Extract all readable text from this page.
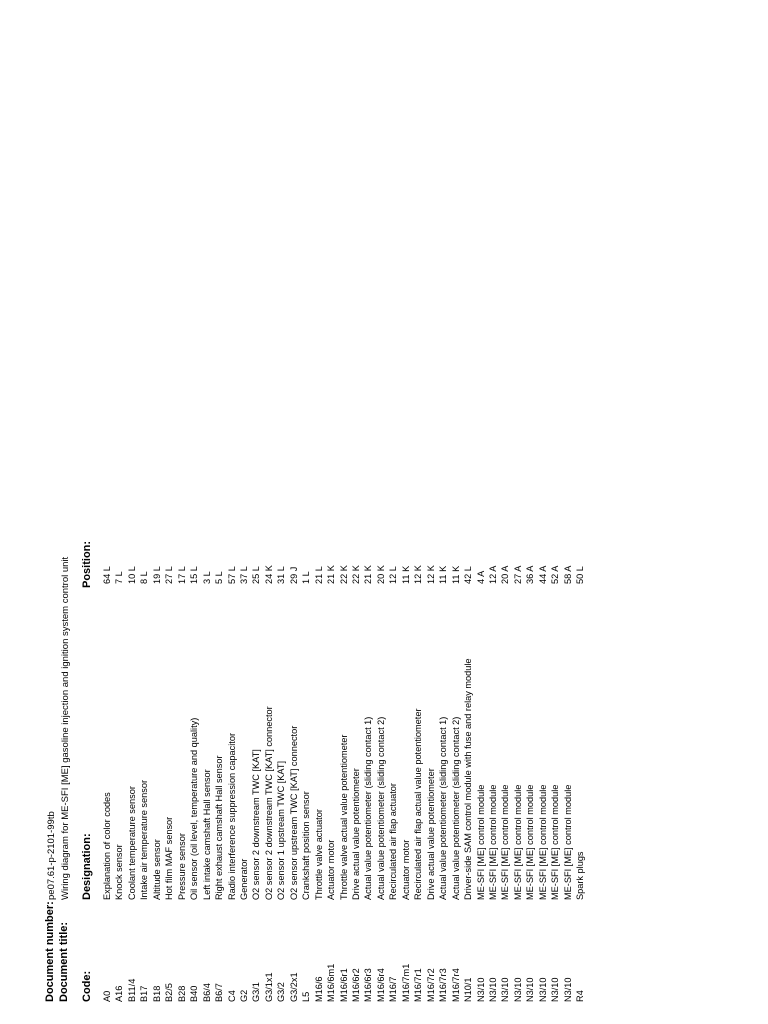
Document number:
pe07.61-p-2101-99tb
Document title:
Wiring diagram for ME-SFI [ME] gasoline injection and ignition system control unit
Code:
Designation:
Position:
A0
Explanation of color codes
64 L
A16
Knock sensor
7 L
B11/4
Coolant temperature sensor
10 L
B17
Intake air temperature sensor
8 L
B18
Altitude sensor
19 L
B2/5
Hot film MAF sensor
27 L
B28
Pressure sensor
17 L
B40
Oil sensor (oil level, temperature and quality)
15 L
B6/4
Left intake camshaft Hall sensor
3 L
B6/7
Right exhaust camshaft Hall sensor
5 L
C4
Radio interference suppression capacitor
57 L
G2
Generator
37 L
G3/1
O2 sensor 2 downstream TWC [KAT]
25 L
G3/1x1
O2 sensor 2 downstream TWC [KAT] connector
24 K
G3/2
O2 sensor 1 upstream TWC [KAT]
31 L
G3/2x1
O2 sensor upstream TWC [KAT] connector
29 J
L5
Crankshaft position sensor
1 L
M16/6
Throttle valve actuator
21 L
M16/6m1
Actuator motor
21 K
M16/6r1
Throttle valve actual value potentiometer
22 K
M16/6r2
Drive actual value potentiometer
22 K
M16/6r3
Actual value potentiometer (sliding contact 1)
21 K
M16/6r4
Actual value potentiometer (sliding contact 2)
20 K
M16/7
Recirculated air flap actuator
12 L
M16/7m1
Actuator motor
11 K
M16/7r1
Recirculated air flap actual value potentiometer
12 K
M16/7r2
Drive actual value potentiometer
12 K
M16/7r3
Actual value potentiometer (sliding contact 1)
11 K
M16/7r4
Actual value potentiometer (sliding contact 2)
11 K
N10/1
Driver-side SAM control module with fuse and relay module
42 L
N3/10
ME-SFI [ME] control module
4 A
N3/10
ME-SFI [ME] control module
12 A
N3/10
ME-SFI [ME] control module
20 A
N3/10
ME-SFI [ME] control module
27 A
N3/10
ME-SFI [ME] control module
36 A
N3/10
ME-SFI [ME] control module
44 A
N3/10
ME-SFI [ME] control module
52 A
N3/10
ME-SFI [ME] control module
58 A
R4
Spark plugs
50 L
